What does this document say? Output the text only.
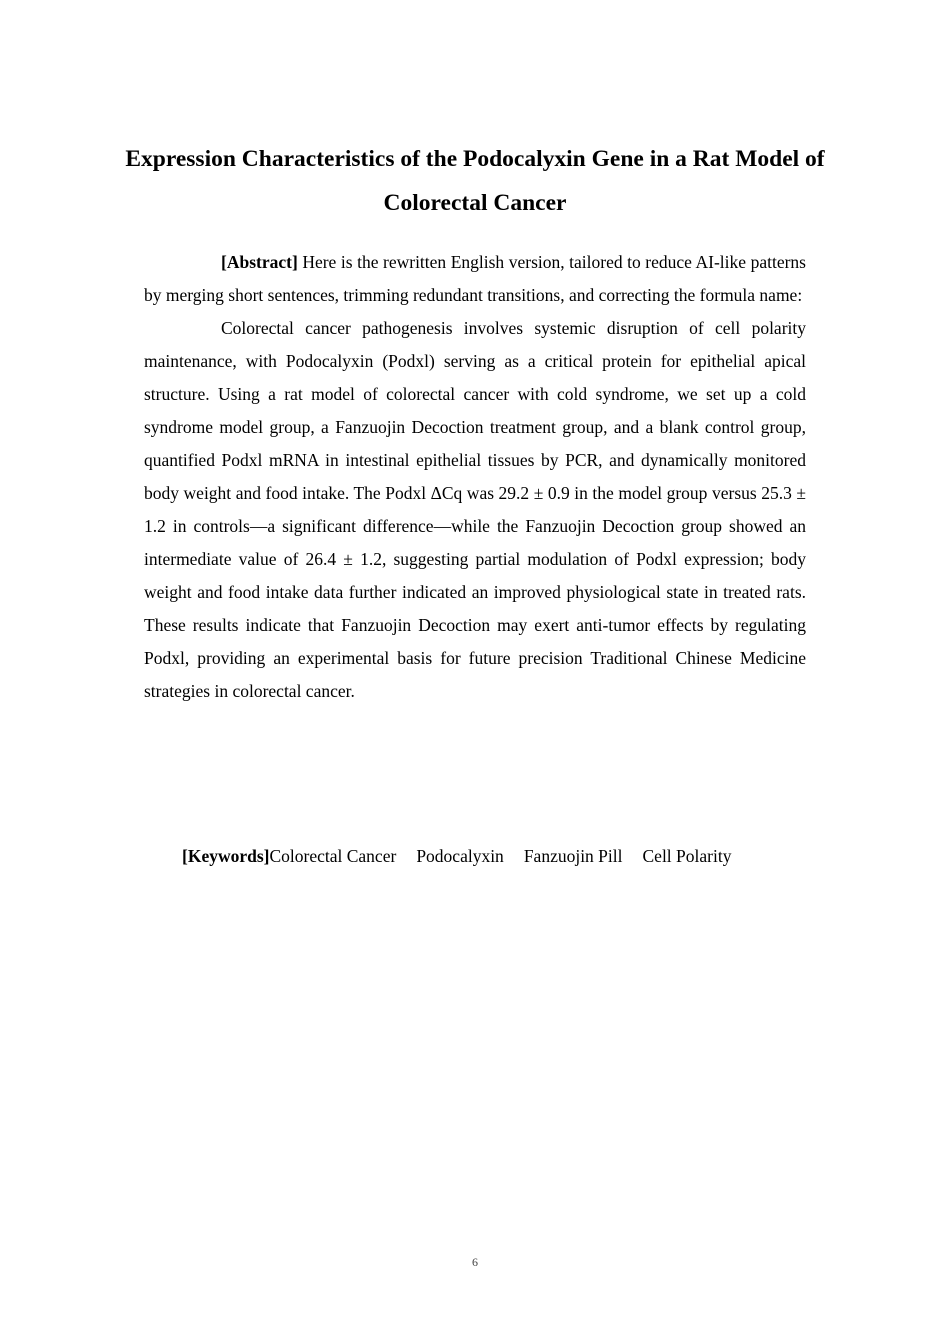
Expression Characteristics of the Podocalyxin Gene in a Rat Model of Colorectal Cancer

[Abstract] Here is the rewritten English version, tailored to reduce AI-like patterns by merging short sentences, trimming redundant transitions, and correcting the formula name:

Colorectal cancer pathogenesis involves systemic disruption of cell polarity maintenance, with Podocalyxin (Podxl) serving as a critical protein for epithelial apical structure. Using a rat model of colorectal cancer with cold syndrome, we set up a cold syndrome model group, a Fanzuojin Decoction treatment group, and a blank control group, quantified Podxl mRNA in intestinal epithelial tissues by PCR, and dynamically monitored body weight and food intake. The Podxl ΔCq was 29.2 ± 0.9 in the model group versus 25.3 ± 1.2 in controls—a significant difference—while the Fanzuojin Decoction group showed an intermediate value of 26.4 ± 1.2, suggesting partial modulation of Podxl expression; body weight and food intake data further indicated an improved physiological state in treated rats. These results indicate that Fanzuojin Decoction may exert anti-tumor effects by regulating Podxl, providing an experimental basis for future precision Traditional Chinese Medicine strategies in colorectal cancer.

[Keywords]Colorectal Cancer Podocalyxin Fanzuojin Pill Cell Polarity
6
